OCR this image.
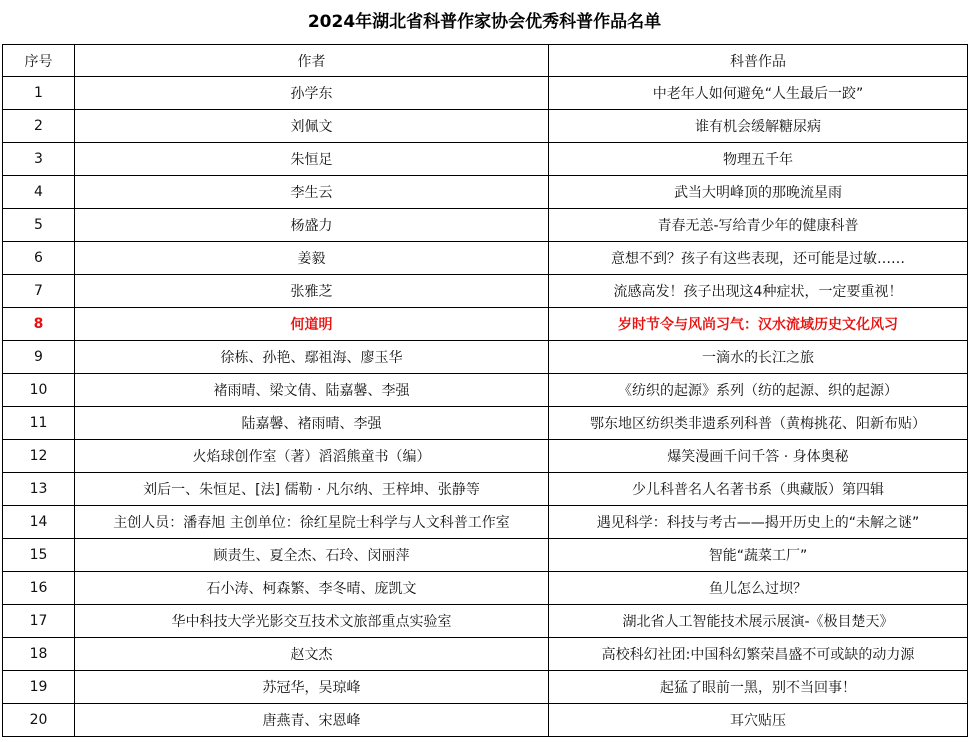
2024年湖北省科普作家协会优秀科普作品名单
序号	作者	科普作品
1	孙学东	中老年人如何避免“人生最后一跤”
2	刘佩文	谁有机会缓解糖尿病
3	朱恒足	物理五千年
4	李生云	武当大明峰顶的那晚流星雨
5	杨盛力	青春无恙-写给青少年的健康科普
6	姜毅	意想不到？孩子有这些表现，还可能是过敏……
7	张雅芝	流感高发！孩子出现这4种症状，一定要重视！
8	何道明	岁时节令与风尚习气：汉水流域历史文化风习
9	徐栋、孙艳、鄢祖海、廖玉华	一滴水的长江之旅
10	褚雨晴、梁文倩、陆嘉馨、李强	《纺织的起源》系列（纺的起源、织的起源）
11	陆嘉馨、褚雨晴、李强	鄂东地区纺织类非遗系列科普（黄梅挑花、阳新布贴）
12	火焰球创作室（著）滔滔熊童书（编）	爆笑漫画千问千答 · 身体奥秘
13	刘后一、朱恒足、[法] 儒勒 · 凡尔纳、王梓坤、张静等	少儿科普名人名著书系（典藏版）第四辑
14	主创人员：潘春旭 主创单位：徐红星院士科学与人文科普工作室	遇见科学：科技与考古——揭开历史上的“未解之谜”
15	顾责生、夏全杰、石玲、闵丽萍	智能“蔬菜工厂”
16	石小涛、柯森繁、李冬晴、庞凯文	鱼儿怎么过坝？
17	华中科技大学光影交互技术文旅部重点实验室	湖北省人工智能技术展示展演-《极目楚天》
18	赵文杰	高校科幻社团:中国科幻繁荣昌盛不可或缺的动力源
19	苏冠华，吴琼峰	起猛了眼前一黑，别不当回事！
20	唐燕青、宋恩峰	耳穴贴压
